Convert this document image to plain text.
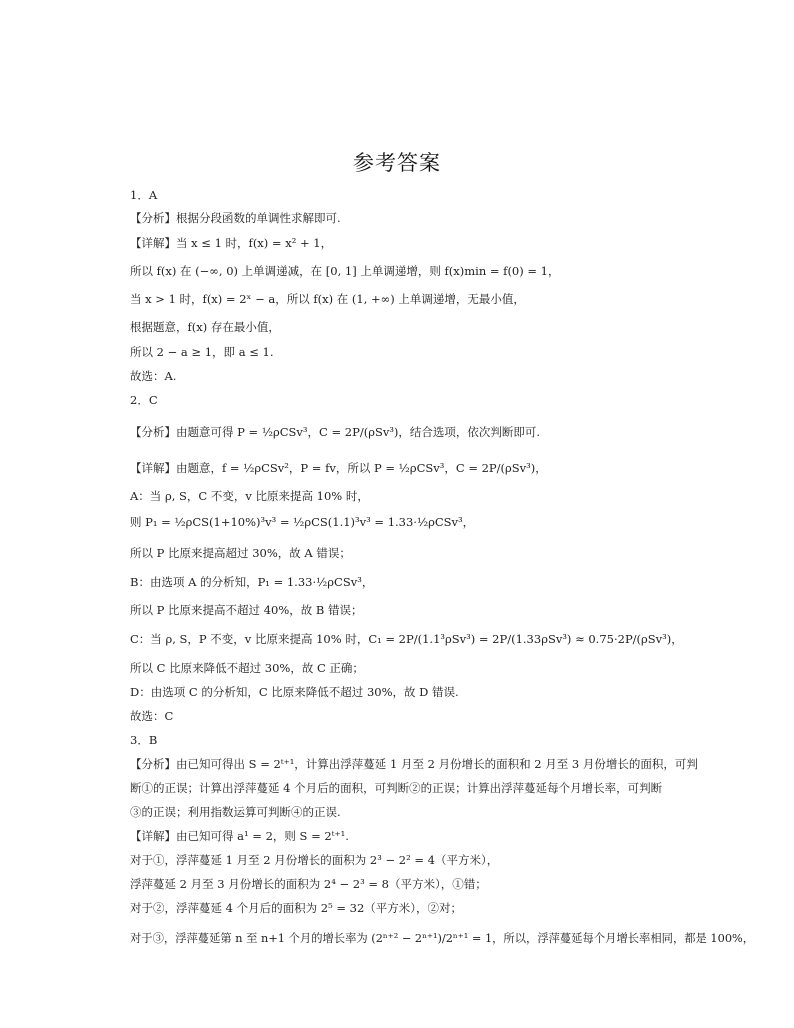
参考答案
1．A
【分析】根据分段函数的单调性求解即可.
【详解】当 x ≤ 1 时，f(x) = x² + 1，
所以 f(x) 在 (−∞, 0) 上单调递减，在 [0, 1] 上单调递增，则 f(x)min = f(0) = 1，
当 x > 1 时，f(x) = 2ˣ − a，所以 f(x) 在 (1, +∞) 上单调递增，无最小值，
根据题意，f(x) 存在最小值，
所以 2 − a ≥ 1，即 a ≤ 1.
故选：A.
2．C
【分析】由题意可得 P = ½ρCSv³，C = 2P/(ρSv³)，结合选项，依次判断即可.
【详解】由题意，f = ½ρCSv²，P = fv，所以 P = ½ρCSv³，C = 2P/(ρSv³)，
A：当 ρ, S，C 不变，v 比原来提高 10% 时，
则 P₁ = ½ρCS(1+10%)³v³ = ½ρCS(1.1)³v³ = 1.33·½ρCSv³，
所以 P 比原来提高超过 30%，故 A 错误；
B：由选项 A 的分析知，P₁ = 1.33·½ρCSv³，
所以 P 比原来提高不超过 40%，故 B 错误；
C：当 ρ, S，P 不变，v 比原来提高 10% 时，C₁ = 2P/(1.1³ρSv³) = 2P/(1.33ρSv³) ≈ 0.75·2P/(ρSv³)，
所以 C 比原来降低不超过 30%，故 C 正确；
D：由选项 C 的分析知，C 比原来降低不超过 30%，故 D 错误.
故选：C
3．B
【分析】由已知可得出 S = 2ᵗ⁺¹，计算出浮萍蔓延 1 月至 2 月份增长的面积和 2 月至 3 月份增长的面积，可判
断①的正误；计算出浮萍蔓延 4 个月后的面积，可判断②的正误；计算出浮萍蔓延每个月增长率，可判断
③的正误；利用指数运算可判断④的正误.
【详解】由已知可得 a¹ = 2，则 S = 2ᵗ⁺¹.
对于①，浮萍蔓延 1 月至 2 月份增长的面积为 2³ − 2² = 4（平方米），
浮萍蔓延 2 月至 3 月份增长的面积为 2⁴ − 2³ = 8（平方米），①错；
对于②，浮萍蔓延 4 个月后的面积为 2⁵ = 32（平方米），②对；
对于③，浮萍蔓延第 n 至 n+1 个月的增长率为 (2ⁿ⁺² − 2ⁿ⁺¹)/2ⁿ⁺¹ = 1，所以，浮萍蔓延每个月增长率相同，都是 100%，
